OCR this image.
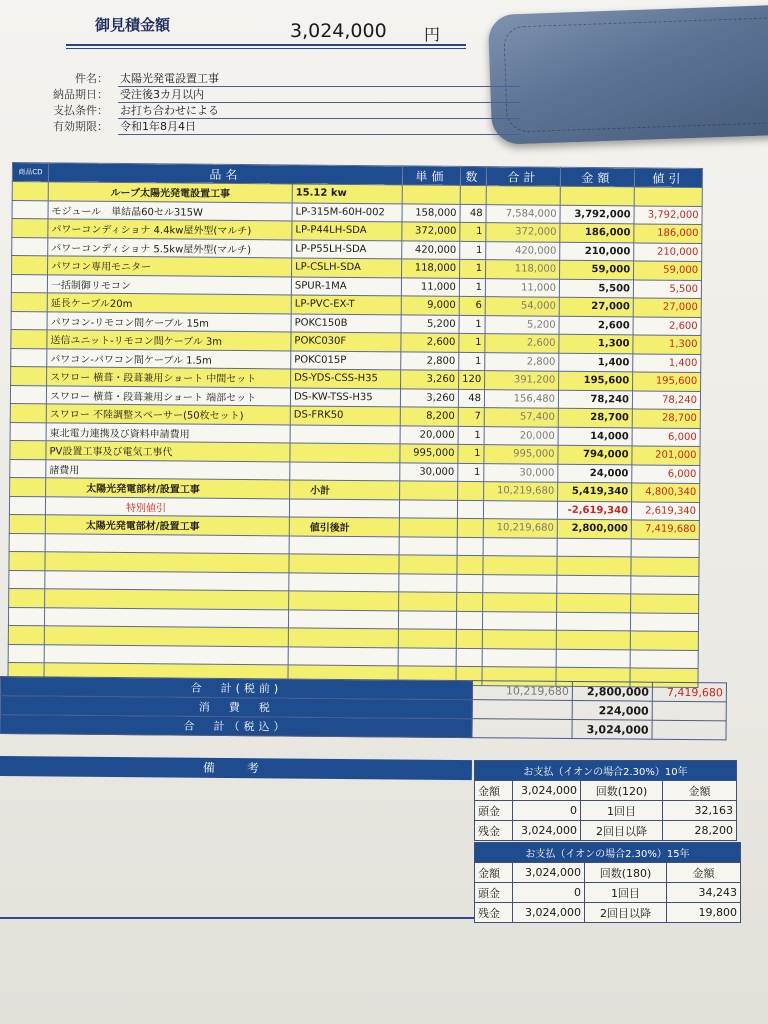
御見積金額	3,024,000 円
件名： 太陽光発電設置工事
納品期日： 受注後3カ月以内
支払条件： お打ち合わせによる
有効期限： 令和1年8月4日
商品CD	品名		単価	数	合計	金額	値引
	ループ太陽光発電設置工事	15.12 kw					
	モジュール　単結晶60セル315W	LP-315M-60H-002	158,000	48	7,584,000	3,792,000	3,792,000
	パワーコンディショナ 4.4kw屋外型(マルチ)	LP-P44LH-SDA	372,000	1	372,000	186,000	186,000
	パワーコンディショナ 5.5kw屋外型(マルチ)	LP-P55LH-SDA	420,000	1	420,000	210,000	210,000
	パワコン専用モニター	LP-CSLH-SDA	118,000	1	118,000	59,000	59,000
	一括制御リモコン	SPUR-1MA	11,000	1	11,000	5,500	5,500
	延長ケーブル20m	LP-PVC-EX-T	9,000	6	54,000	27,000	27,000
	パワコン-リモコン間ケーブル 15m	POKC150B	5,200	1	5,200	2,600	2,600
	送信ユニット-リモコン間ケーブル 3m	POKC030F	2,600	1	2,600	1,300	1,300
	パワコン-パワコン間ケーブル 1.5m	POKC015P	2,800	1	2,800	1,400	1,400
	スワロー 横葺・段葺兼用ショート 中間セット	DS-YDS-CSS-H35	3,260	120	391,200	195,600	195,600
	スワロー 横葺・段葺兼用ショート 端部セット	DS-KW-TSS-H35	3,260	48	156,480	78,240	78,240
	スワロー 不陸調整スペーサー(50枚セット)	DS-FRK50	8,200	7	57,400	28,700	28,700
	東北電力連携及び資料申請費用		20,000	1	20,000	14,000	6,000
	PV設置工事及び電気工事代		995,000	1	995,000	794,000	201,000
	諸費用		30,000	1	30,000	24,000	6,000
	太陽光発電部材/設置工事	小計			10,219,680	5,419,340	4,800,340
	特別値引					-2,619,340	2,619,340
	太陽光発電部材/設置工事	値引後計			10,219,680	2,800,000	7,419,680

合　計(税前)	10,219,680	2,800,000	7,419,680
消　費　税		224,000	
合　計（税込）		3,024,000	
備　考	お支払（イオンの場合2.30%）10年			
金額	3,024,000	回数(120)	金額
頭金	0	1回目	32,163
残金	3,024,000	2回目以降	28,200
お支払（イオンの場合2.30%）15年			
金額	3,024,000	回数(180)	金額
頭金	0	1回目	34,243
残金	3,024,000	2回目以降	19,800
